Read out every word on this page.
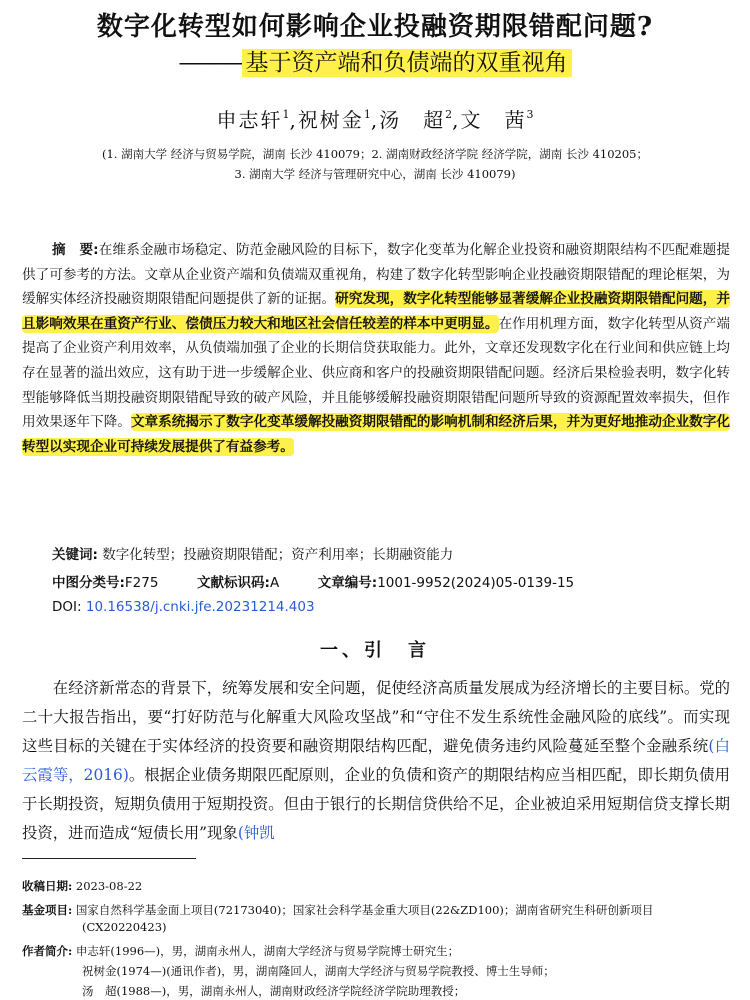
数字化转型如何影响企业投融资期限错配问题?
——— 基于资产端和负债端的双重视角
申志轩$^1$,祝树金$^1$,汤　超$^2$,文　茜$^3$
(1. 湖南大学 经济与贸易学院，湖南 长沙 410079；2. 湖南财政经济学院 经济学院，湖南 长沙 410205；
3. 湖南大学 经济与管理研究中心，湖南 长沙 410079)
摘　要:在维系金融市场稳定、防范金融风险的目标下，数字化变革为化解企业投资和融资期限结构不匹配难题提供了可参考的方法。文章从企业资产端和负债端双重视角，构建了数字化转型影响企业投融资期限错配的理论框架，为缓解实体经济投融资期限错配问题提供了新的证据。研究发现，数字化转型能够显著缓解企业投融资期限错配问题，并且影响效果在重资产行业、偿债压力较大和地区社会信任较差的样本中更明显。在作用机理方面，数字化转型从资产端提高了企业资产利用效率，从负债端加强了企业的长期信贷获取能力。此外，文章还发现数字化在行业间和供应链上均存在显著的溢出效应，这有助于进一步缓解企业、供应商和客户的投融资期限错配问题。经济后果检验表明，数字化转型能够降低当期投融资期限错配导致的破产风险，并且能够缓解投融资期限错配问题所导致的资源配置效率损失，但作用效果逐年下降。文章系统揭示了数字化变革缓解投融资期限错配的影响机制和经济后果，并为更好地推动企业数字化转型以实现企业可持续发展提供了有益参考。
关键词: 数字化转型；投融资期限错配；资产利用率；长期融资能力
中图分类号:F275	文献标识码:A	文章编号:1001-9952(2024)05-0139-15
DOI: 10.16538/j.cnki.jfe.20231214.403
一、引　言

在经济新常态的背景下，统筹发展和安全问题，促使经济高质量发展成为经济增长的主要目标。党的二十大报告指出，要“打好防范与化解重大风险攻坚战”和“守住不发生系统性金融风险的底线”。而实现这些目标的关键在于实体经济的投资要和融资期限结构匹配，避免债务违约风险蔓延至整个金融系统(白云霞等，2016)。根据企业债务期限匹配原则，企业的负债和资产的期限结构应当相匹配，即长期负债用于长期投资，短期负债用于短期投资。但由于银行的长期信贷供给不足，企业被迫采用短期信贷支撑长期投资，进而造成“短债长用”现象(钟凯

收稿日期: 2023-08-22
基金项目: 国家自然科学基金面上项目(72173040)；国家社会科学基金重大项目(22&ZD100)；湖南省研究生科研创新项目
(CX20220423)
作者简介: 申志轩(1996—)，男，湖南永州人，湖南大学经济与贸易学院博士研究生；
祝树金(1974—)(通讯作者)，男，湖南隆回人，湖南大学经济与贸易学院教授、博士生导师；
汤　超(1988—)，男，湖南永州人，湖南财政经济学院经济学院助理教授；
